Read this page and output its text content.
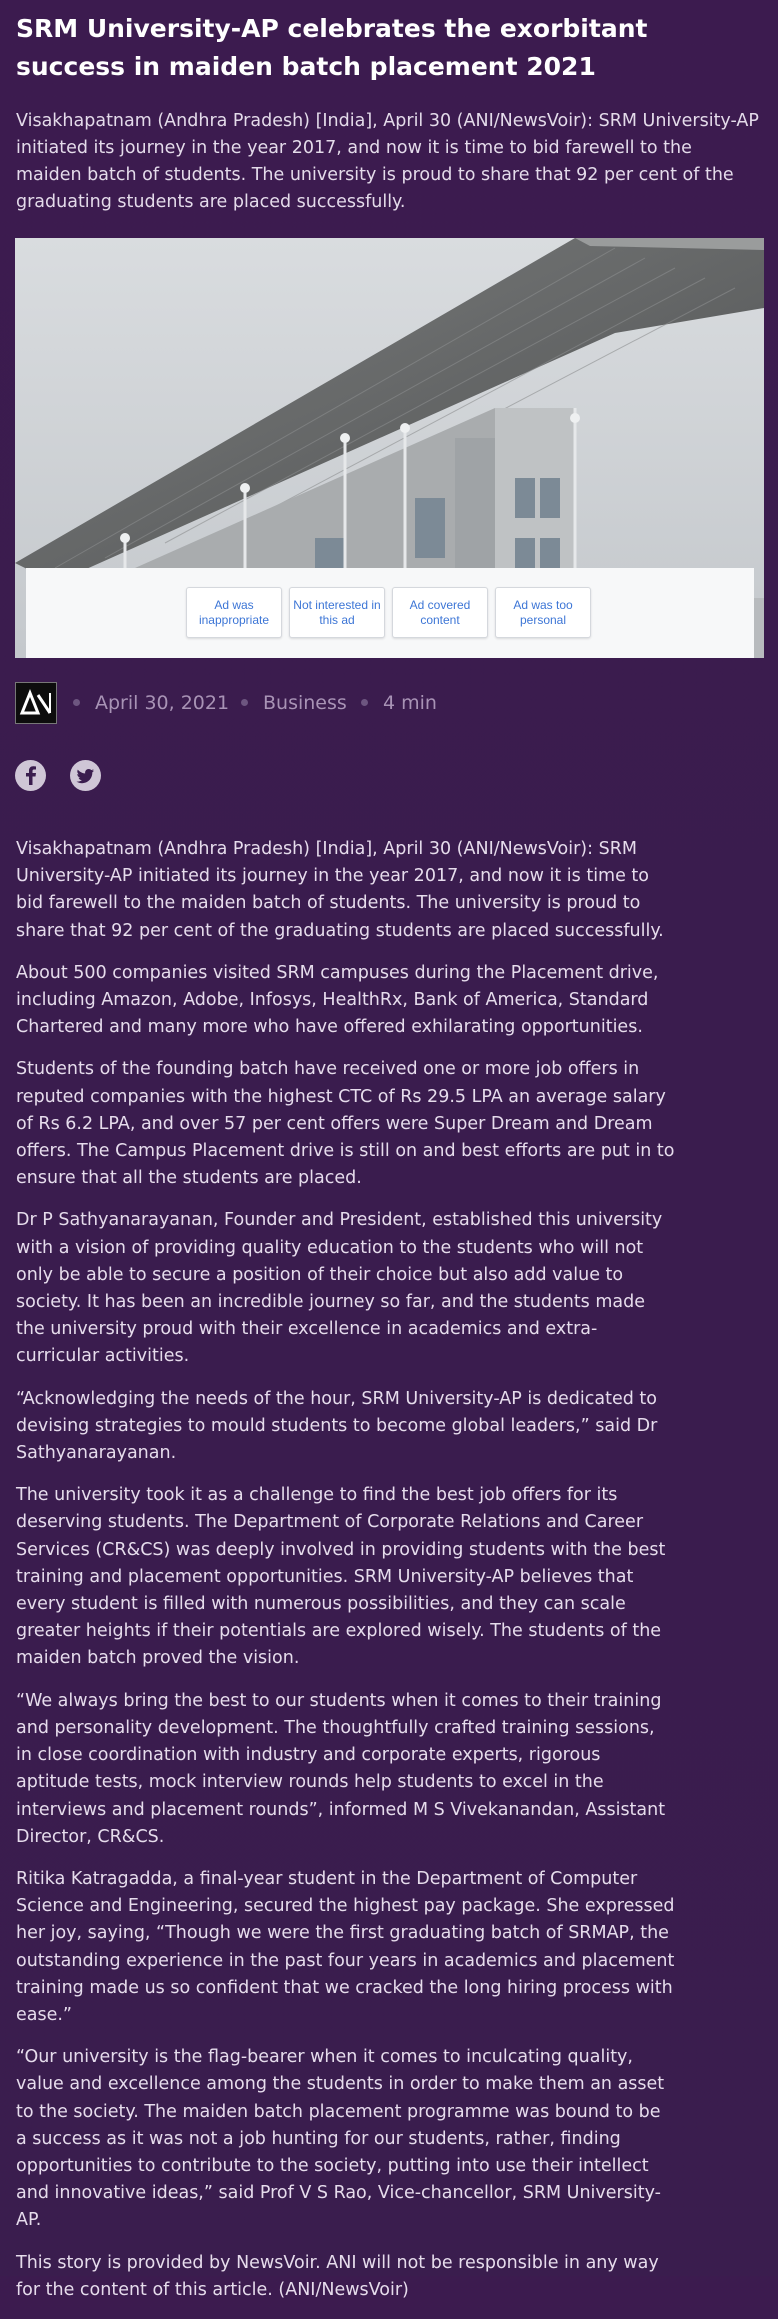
SRM University-AP celebrates the exorbitant success in maiden batch placement 2021

Visakhapatnam (Andhra Pradesh) [India], April 30 (ANI/NewsVoir): SRM University-AP initiated its journey in the year 2017, and now it is time to bid farewell to the maiden batch of students. The university is proud to share that 92 per cent of the graduating students are placed successfully.

Ad was inappropriate
Not interested in this ad
Ad covered content
Ad was too personal
April 30, 2021 Business 4 min

Visakhapatnam (Andhra Pradesh) [India], April 30 (ANI/NewsVoir): SRM University-AP initiated its journey in the year 2017, and now it is time to bid farewell to the maiden batch of students. The university is proud to share that 92 per cent of the graduating students are placed successfully.

About 500 companies visited SRM campuses during the Placement drive, including Amazon, Adobe, Infosys, HealthRx, Bank of America, Standard Chartered and many more who have offered exhilarating opportunities.

Students of the founding batch have received one or more job offers in reputed companies with the highest CTC of Rs 29.5 LPA an average salary of Rs 6.2 LPA, and over 57 per cent offers were Super Dream and Dream offers. The Campus Placement drive is still on and best efforts are put in to ensure that all the students are placed.

Dr P Sathyanarayanan, Founder and President, established this university with a vision of providing quality education to the students who will not only be able to secure a position of their choice but also add value to society. It has been an incredible journey so far, and the students made the university proud with their excellence in academics and extra-curricular activities.

“Acknowledging the needs of the hour, SRM University-AP is dedicated to devising strategies to mould students to become global leaders,” said Dr Sathyanarayanan.

The university took it as a challenge to find the best job offers for its deserving students. The Department of Corporate Relations and Career Services (CR&CS) was deeply involved in providing students with the best training and placement opportunities. SRM University-AP believes that every student is filled with numerous possibilities, and they can scale greater heights if their potentials are explored wisely. The students of the maiden batch proved the vision.

“We always bring the best to our students when it comes to their training and personality development. The thoughtfully crafted training sessions, in close coordination with industry and corporate experts, rigorous aptitude tests, mock interview rounds help students to excel in the interviews and placement rounds”, informed M S Vivekanandan, Assistant Director, CR&CS.

Ritika Katragadda, a final-year student in the Department of Computer Science and Engineering, secured the highest pay package. She expressed her joy, saying, “Though we were the first graduating batch of SRMAP, the outstanding experience in the past four years in academics and placement training made us so confident that we cracked the long hiring process with ease.”

“Our university is the flag-bearer when it comes to inculcating quality, value and excellence among the students in order to make them an asset to the society. The maiden batch placement programme was bound to be a success as it was not a job hunting for our students, rather, finding opportunities to contribute to the society, putting into use their intellect and innovative ideas,” said Prof V S Rao, Vice-chancellor, SRM University-AP.

This story is provided by NewsVoir. ANI will not be responsible in any way for the content of this article. (ANI/NewsVoir)
